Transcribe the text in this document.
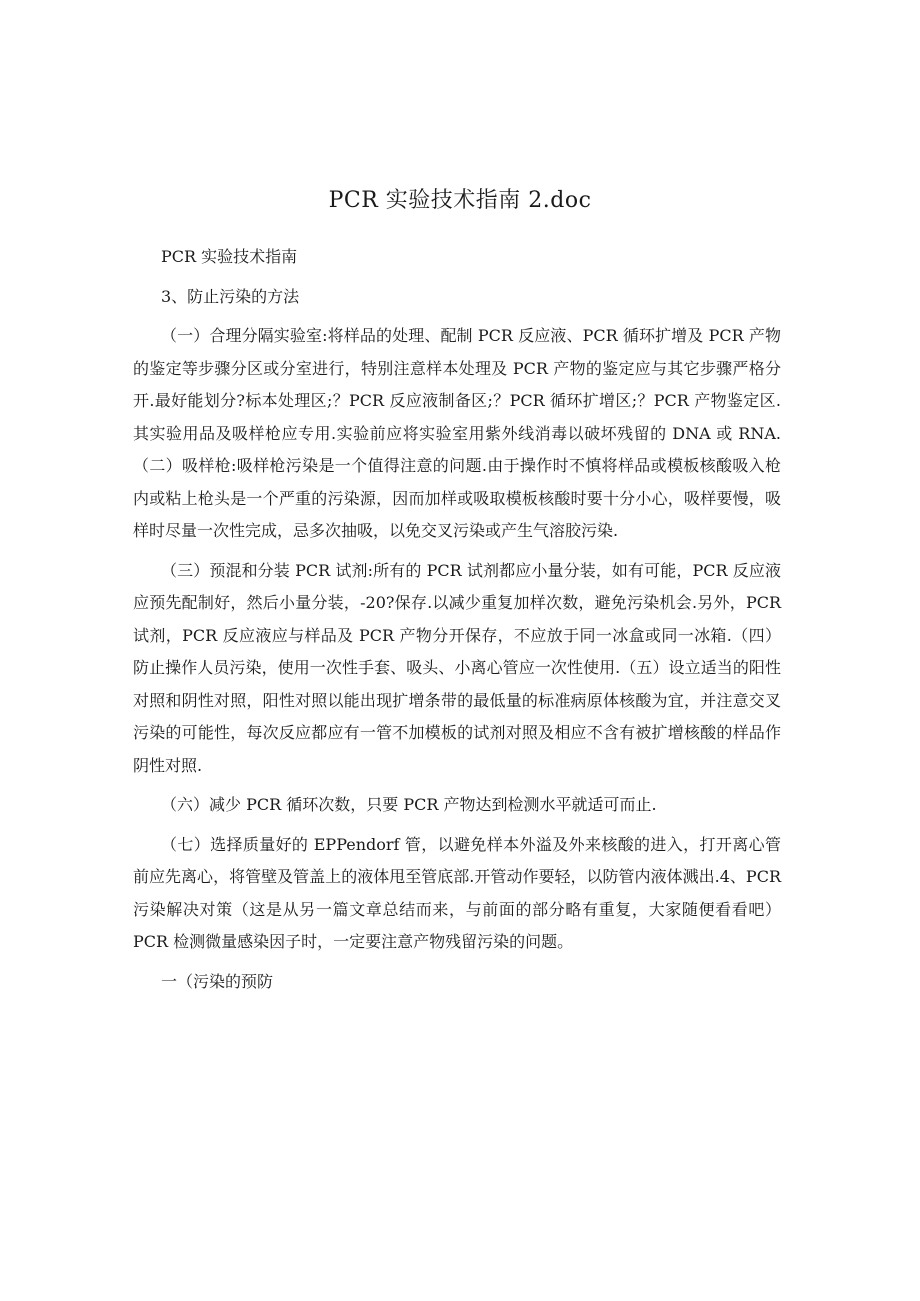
PCR 实验技术指南 2.doc

PCR 实验技术指南

3、防止污染的方法

（一）合理分隔实验室:将样品的处理、配制 PCR 反应液、PCR 循环扩增及 PCR 产物的鉴定等步骤分区或分室进行，特别注意样本处理及 PCR 产物的鉴定应与其它步骤严格分开.最好能划分?标本处理区;？PCR 反应液制备区;？PCR 循环扩增区;？PCR 产物鉴定区.其实验用品及吸样枪应专用.实验前应将实验室用紫外线消毒以破坏残留的 DNA 或 RNA.（二）吸样枪:吸样枪污染是一个值得注意的问题.由于操作时不慎将样品或模板核酸吸入枪内或粘上枪头是一个严重的污染源，因而加样或吸取模板核酸时要十分小心，吸样要慢，吸样时尽量一次性完成，忌多次抽吸，以免交叉污染或产生气溶胶污染.

（三）预混和分装 PCR 试剂:所有的 PCR 试剂都应小量分装，如有可能，PCR 反应液应预先配制好，然后小量分装，-20?保存.以减少重复加样次数，避免污染机会.另外，PCR 试剂，PCR 反应液应与样品及 PCR 产物分开保存，不应放于同一冰盒或同一冰箱.（四）防止操作人员污染，使用一次性手套、吸头、小离心管应一次性使用.（五）设立适当的阳性对照和阴性对照，阳性对照以能出现扩增条带的最低量的标准病原体核酸为宜，并注意交叉污染的可能性，每次反应都应有一管不加模板的试剂对照及相应不含有被扩增核酸的样品作阴性对照.

（六）减少 PCR 循环次数，只要 PCR 产物达到检测水平就适可而止.

（七）选择质量好的 EPPendorf 管，以避免样本外溢及外来核酸的进入，打开离心管前应先离心，将管壁及管盖上的液体甩至管底部.开管动作要轻，以防管内液体溅出.4、PCR 污染解决对策（这是从另一篇文章总结而来，与前面的部分略有重复，大家随便看看吧）PCR 检测微量感染因子时，一定要注意产物残留污染的问题。

一（污染的预防
